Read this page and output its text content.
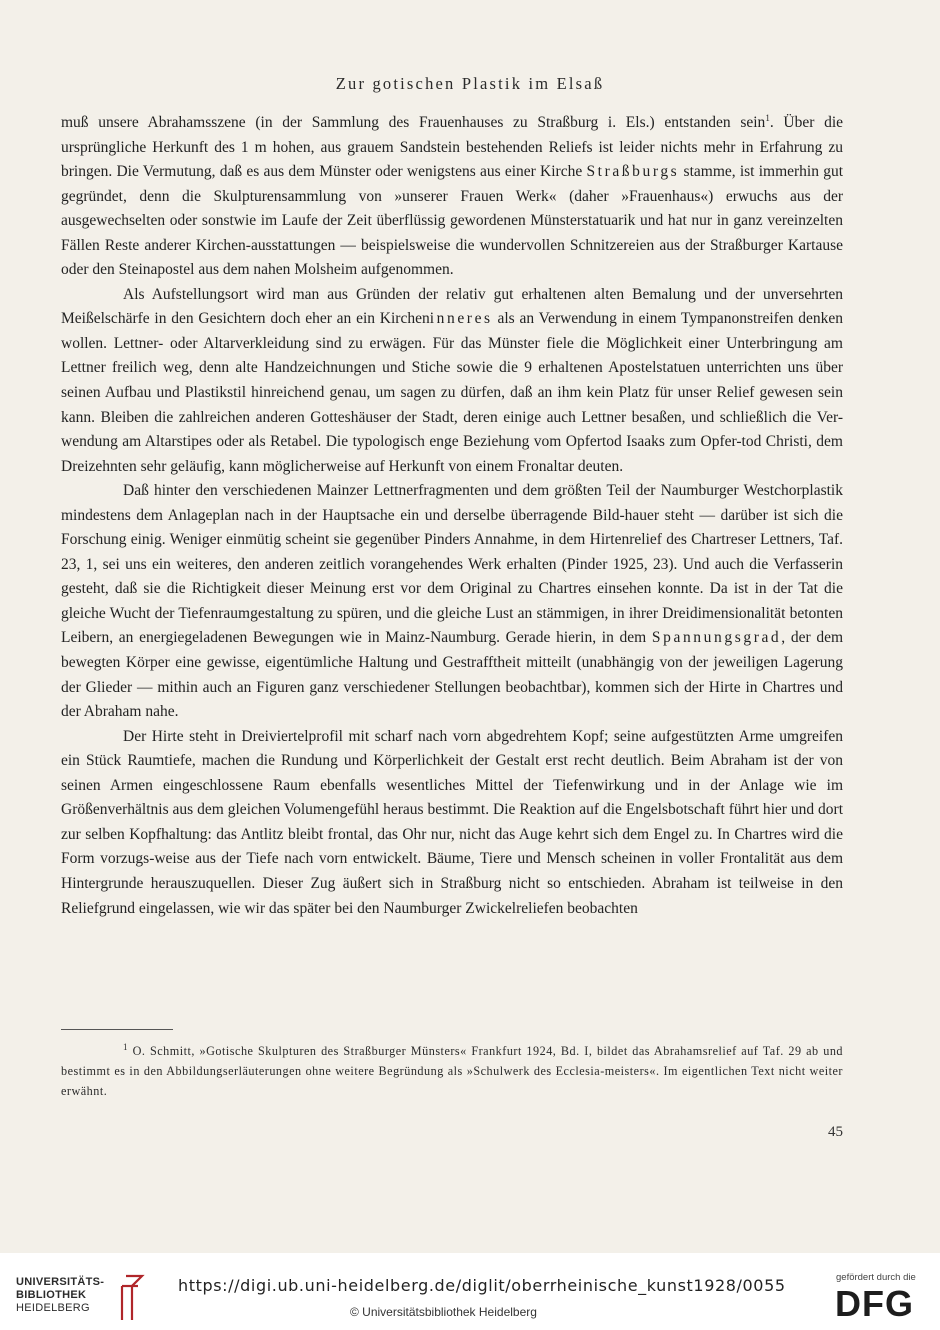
Zur gotischen Plastik im Elsaß

muß unsere Abrahamsszene (in der Sammlung des Frauenhauses zu Straßburg i. Els.) entstanden sein$^1$. Über die ursprüngliche Herkunft des 1 m hohen, aus grauem Sandstein bestehenden Reliefs ist leider nichts mehr in Erfahrung zu bringen. Die Vermutung, daß es aus dem Münster oder wenigstens aus einer Kirche Straßburgs stamme, ist immerhin gut gegründet, denn die Skulpturensammlung von »unserer Frauen Werk« (daher »Frauenhaus«) erwuchs aus der ausgewechselten oder sonstwie im Laufe der Zeit überflüssig gewordenen Münsterstatuarik und hat nur in ganz vereinzelten Fällen Reste anderer Kirchen-ausstattungen — beispielsweise die wundervollen Schnitzereien aus der Straßburger Kartause oder den Steinapostel aus dem nahen Molsheim aufgenommen.

Als Aufstellungsort wird man aus Gründen der relativ gut erhaltenen alten Bemalung und der unversehrten Meißelschärfe in den Gesichtern doch eher an ein Kircheninneres als an Verwendung in einem Tympanonstreifen denken wollen. Lettner- oder Altarverkleidung sind zu erwägen. Für das Münster fiele die Möglichkeit einer Unterbringung am Lettner freilich weg, denn alte Handzeichnungen und Stiche sowie die 9 erhaltenen Apostelstatuen unterrichten uns über seinen Aufbau und Plastikstil hinreichend genau, um sagen zu dürfen, daß an ihm kein Platz für unser Relief gewesen sein kann. Bleiben die zahlreichen anderen Gotteshäuser der Stadt, deren einige auch Lettner besaßen, und schließlich die Ver-wendung am Altarstipes oder als Retabel. Die typologisch enge Beziehung vom Opfertod Isaaks zum Opfer-tod Christi, dem Dreizehnten sehr geläufig, kann möglicherweise auf Herkunft von einem Fronaltar deuten.

Daß hinter den verschiedenen Mainzer Lettnerfragmenten und dem größten Teil der Naumburger Westchorplastik mindestens dem Anlageplan nach in der Hauptsache ein und derselbe überragende Bild-hauer steht — darüber ist sich die Forschung einig. Weniger einmütig scheint sie gegenüber Pinders Annahme, in dem Hirtenrelief des Chartreser Lettners, Taf. 23, 1, sei uns ein weiteres, den anderen zeitlich vorangehendes Werk erhalten (Pinder 1925, 23). Und auch die Verfasserin gesteht, daß sie die Richtigkeit dieser Meinung erst vor dem Original zu Chartres einsehen konnte. Da ist in der Tat die gleiche Wucht der Tiefenraumgestaltung zu spüren, und die gleiche Lust an stämmigen, in ihrer Dreidimensionalität betonten Leibern, an energiegeladenen Bewegungen wie in Mainz-Naumburg. Gerade hierin, in dem Spannungsgrad, der dem bewegten Körper eine gewisse, eigentümliche Haltung und Gestrafftheit mitteilt (unabhängig von der jeweiligen Lagerung der Glieder — mithin auch an Figuren ganz verschiedener Stellungen beobachtbar), kommen sich der Hirte in Chartres und der Abraham nahe.

Der Hirte steht in Dreiviertelprofil mit scharf nach vorn abgedrehtem Kopf; seine aufgestützten Arme umgreifen ein Stück Raumtiefe, machen die Rundung und Körperlichkeit der Gestalt erst recht deutlich. Beim Abraham ist der von seinen Armen eingeschlossene Raum ebenfalls wesentliches Mittel der Tiefenwirkung und in der Anlage wie im Größenverhältnis aus dem gleichen Volumengefühl heraus bestimmt. Die Reaktion auf die Engelsbotschaft führt hier und dort zur selben Kopfhaltung: das Antlitz bleibt frontal, das Ohr nur, nicht das Auge kehrt sich dem Engel zu. In Chartres wird die Form vorzugs-weise aus der Tiefe nach vorn entwickelt. Bäume, Tiere und Mensch scheinen in voller Frontalität aus dem Hintergrunde herauszuquellen. Dieser Zug äußert sich in Straßburg nicht so entschieden. Abraham ist teilweise in den Reliefgrund eingelassen, wie wir das später bei den Naumburger Zwickelreliefen beobachten

$^1$ O. Schmitt, »Gotische Skulpturen des Straßburger Münsters« Frankfurt 1924, Bd. I, bildet das Abrahamsrelief auf Taf. 29 ab und bestimmt es in den Abbildungserläuterungen ohne weitere Begründung als »Schulwerk des Ecclesia-meisters«. Im eigentlichen Text nicht weiter erwähnt.
45
UNIVERSITÄTS-
BIBLIOTHEK
HEIDELBERG
https://digi.ub.uni-heidelberg.de/diglit/oberrheinische_kunst1928/0055
© Universitätsbibliothek Heidelberg
gefördert durch die
DFG
